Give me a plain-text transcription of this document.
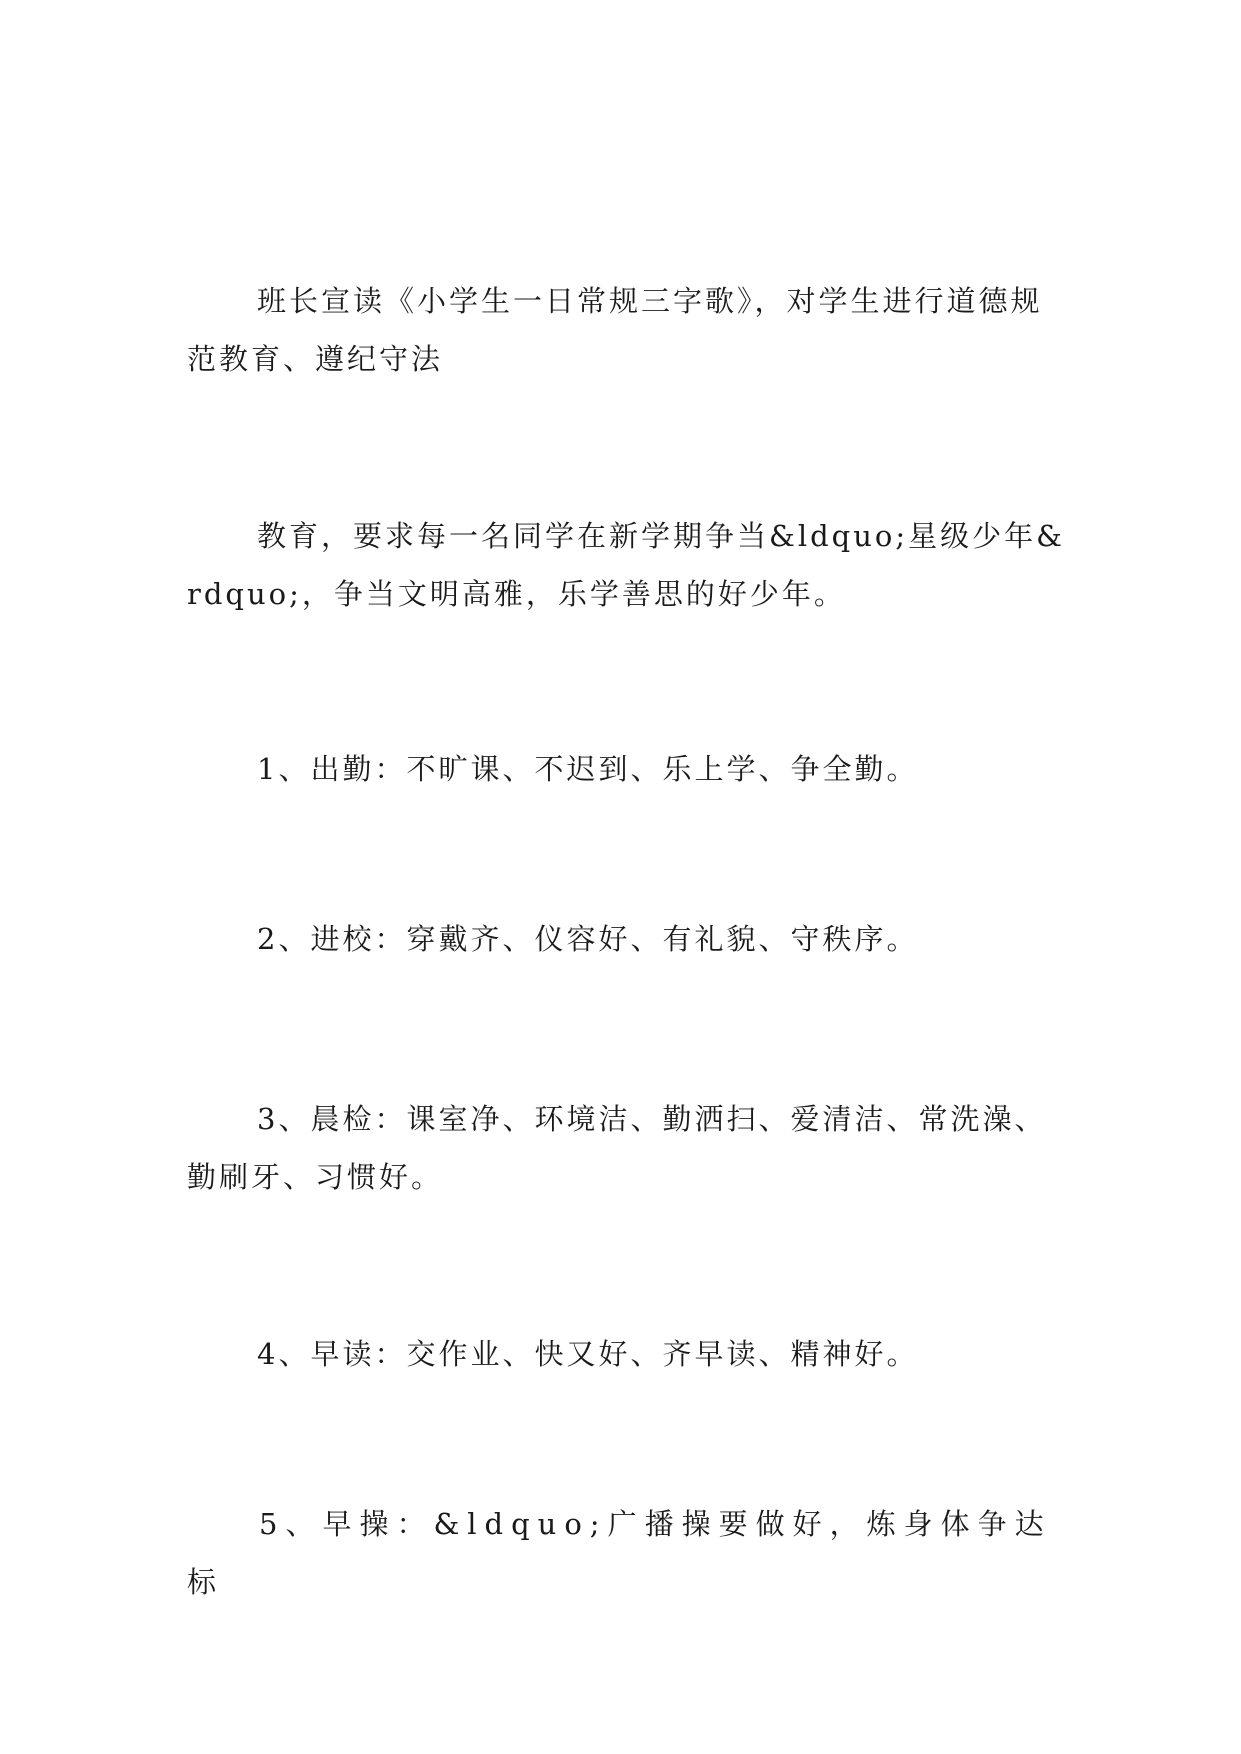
班长宣读《小学生一日常规三字歌》，对学生进行道德规范教育、遵纪守法

教育，要求每一名同学在新学期争当&ldquo;星级少年&rdquo;，争当文明高雅，乐学善思的好少年。

1、出勤：不旷课、不迟到、乐上学、争全勤。

2、进校：穿戴齐、仪容好、有礼貌、守秩序。

3、晨检：课室净、环境洁、勤洒扫、爱清洁、常洗澡、勤刷牙、习惯好。

4、早读：交作业、快又好、齐早读、精神好。

5、早操：&ldquo;广播操要做好，炼身体争达标
